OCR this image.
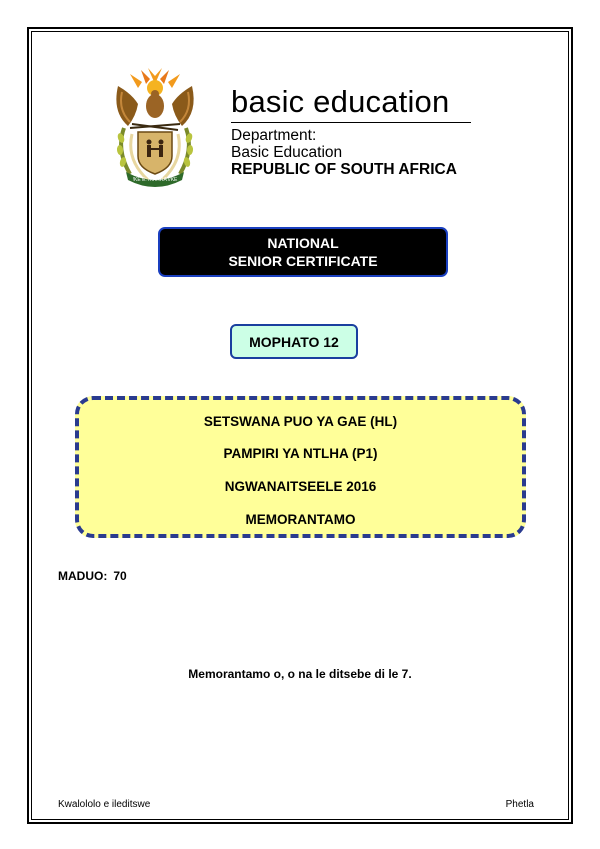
!KE E: /XARRA //KE
basic education
Department:
Basic Education
REPUBLIC OF SOUTH AFRICA
NATIONAL
SENIOR CERTIFICATE
MOPHATO 12
SETSWANA PUO YA GAE (HL)
PAMPIRI YA NTLHA (P1)
NGWANAITSEELE 2016
MEMORANTAMO
MADUO: 70
Memorantamo o, o na le ditsebe di le 7.
Kwalololo e ileditswe	Phetla
